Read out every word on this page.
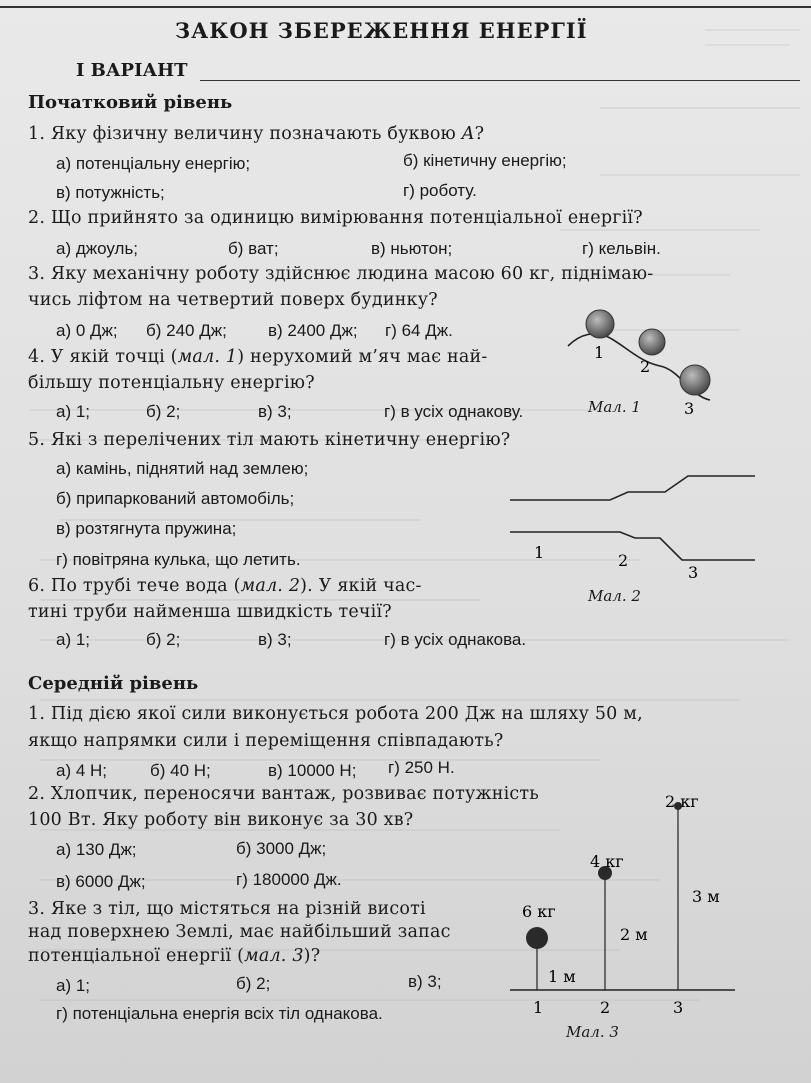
ЗАКОН ЗБЕРЕЖЕННЯ ЕНЕРГІЇ
І ВАРІАНТ
Початковий рівень
1. Яку фізичну величину позначають буквою A?
а) потенціальну енергію;	б) кінетичну енергію;
в) потужність;	г) роботу.
2. Що прийнято за одиницю вимірювання потенціальної енергії?
а) джоуль;	б) ват;	в) ньютон;	г) кельвін.
3. Яку механічну роботу здійснює людина масою 60 кг, піднімаю-
чись ліфтом на четвертий поверх будинку?
а) 0 Дж; б) 240 Дж; в) 2400 Дж; г) 64 Дж.
4. У якій точці (мал. 1) нерухомий м’яч має най-
більшу потенціальну енергію?
а) 1;	б) 2;	в) 3;	г) в усіх однакову.
5. Які з перелічених тіл мають кінетичну енергію?
а) камінь, піднятий над землею;
б) припаркований автомобіль;
в) розтягнута пружина;
г) повітряна кулька, що летить.
6. По трубі тече вода (мал. 2). У якій час-
тині труби найменша швидкість течії?
а) 1;	б) 2;	в) 3;	г) в усіх однакова.
Середній рівень
1. Під дією якої сили виконується робота 200 Дж на шляху 50 м,
якщо напрямки сили і переміщення співпадають?
а) 4 Н;	б) 40 Н;	в) 10000 Н; г) 250 Н.
2. Хлопчик, переносячи вантаж, розвиває потужність
100 Вт. Яку роботу він виконує за 30 хв?
а) 130 Дж;	б) 3000 Дж;
в) 6000 Дж;	г) 180000 Дж.
3. Яке з тіл, що містяться на різній висоті
над поверхнею Землі, має найбільший запас
потенціальної енергії (мал. 3)?
а) 1;	б) 2;	в) 3;
г) потенціальна енергія всіх тіл однакова.
1
2
3
Мал. 1
1	2
3
Мал. 2
6 кг
4 кг
2 кг
1 м
2 м
3 м
1	2	3
Мал. 3
